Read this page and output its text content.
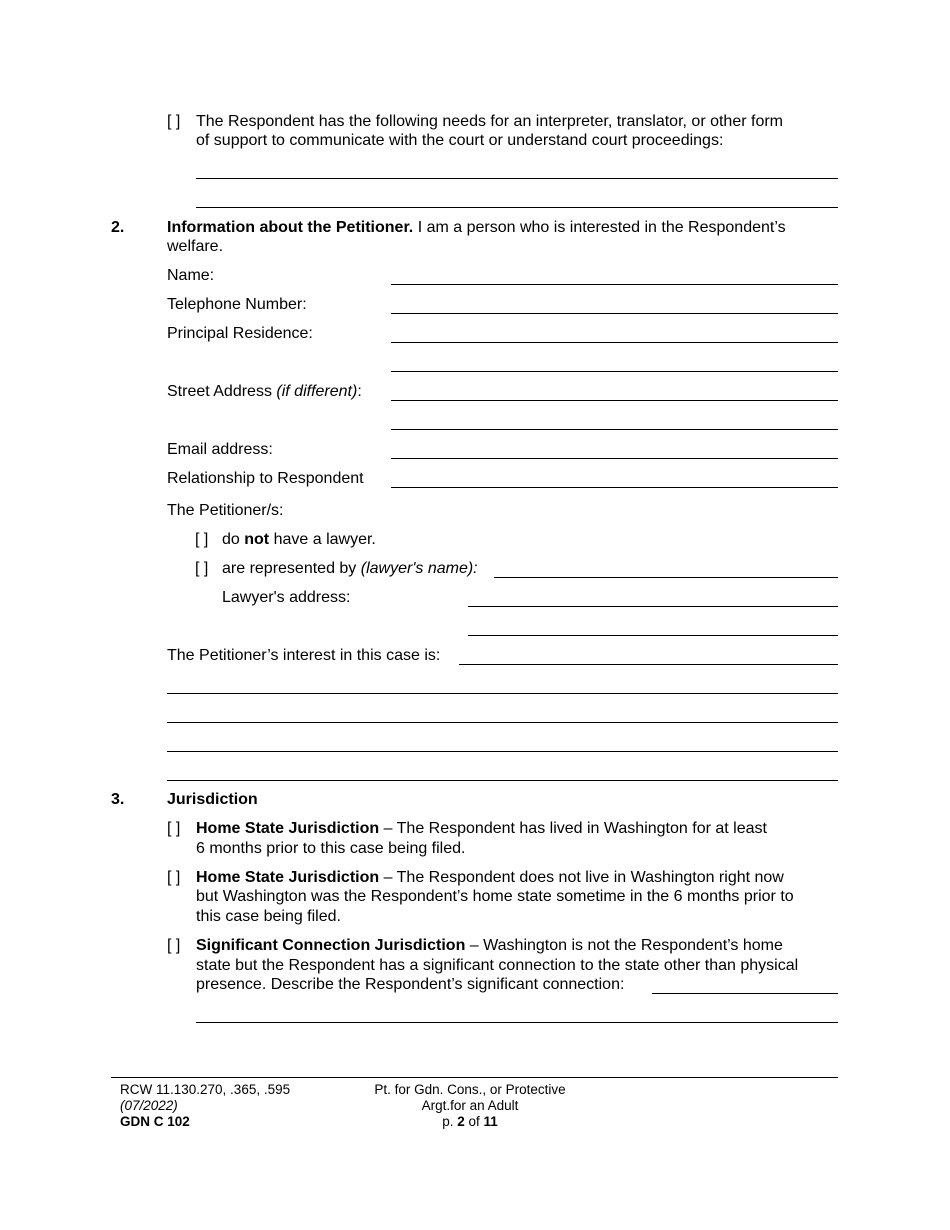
[ ] The Respondent has the following needs for an interpreter, translator, or other form
of support to communicate with the court or understand court proceedings:
2.	Information about the Petitioner. I am a person who is interested in the Respondent’s
welfare.
Name:
Telephone Number:
Principal Residence:
Street Address (if different):
Email address:
Relationship to Respondent
The Petitioner/s:
[ ] do not have a lawyer.
[ ] are represented by (lawyer's name):
Lawyer's address:
The Petitioner’s interest in this case is:
3.	Jurisdiction
[ ] Home State Jurisdiction – The Respondent has lived in Washington for at least
6 months prior to this case being filed.
[ ] Home State Jurisdiction – The Respondent does not live in Washington right now
but Washington was the Respondent’s home state sometime in the 6 months prior to
this case being filed.
[ ] Significant Connection Jurisdiction – Washington is not the Respondent’s home
state but the Respondent has a significant connection to the state other than physical
presence. Describe the Respondent’s significant connection:
RCW 11.130.270, .365, .595
(07/2022)
GDN C 102
Pt. for Gdn. Cons., or Protective
Argt.for an Adult
p. 2 of 11
